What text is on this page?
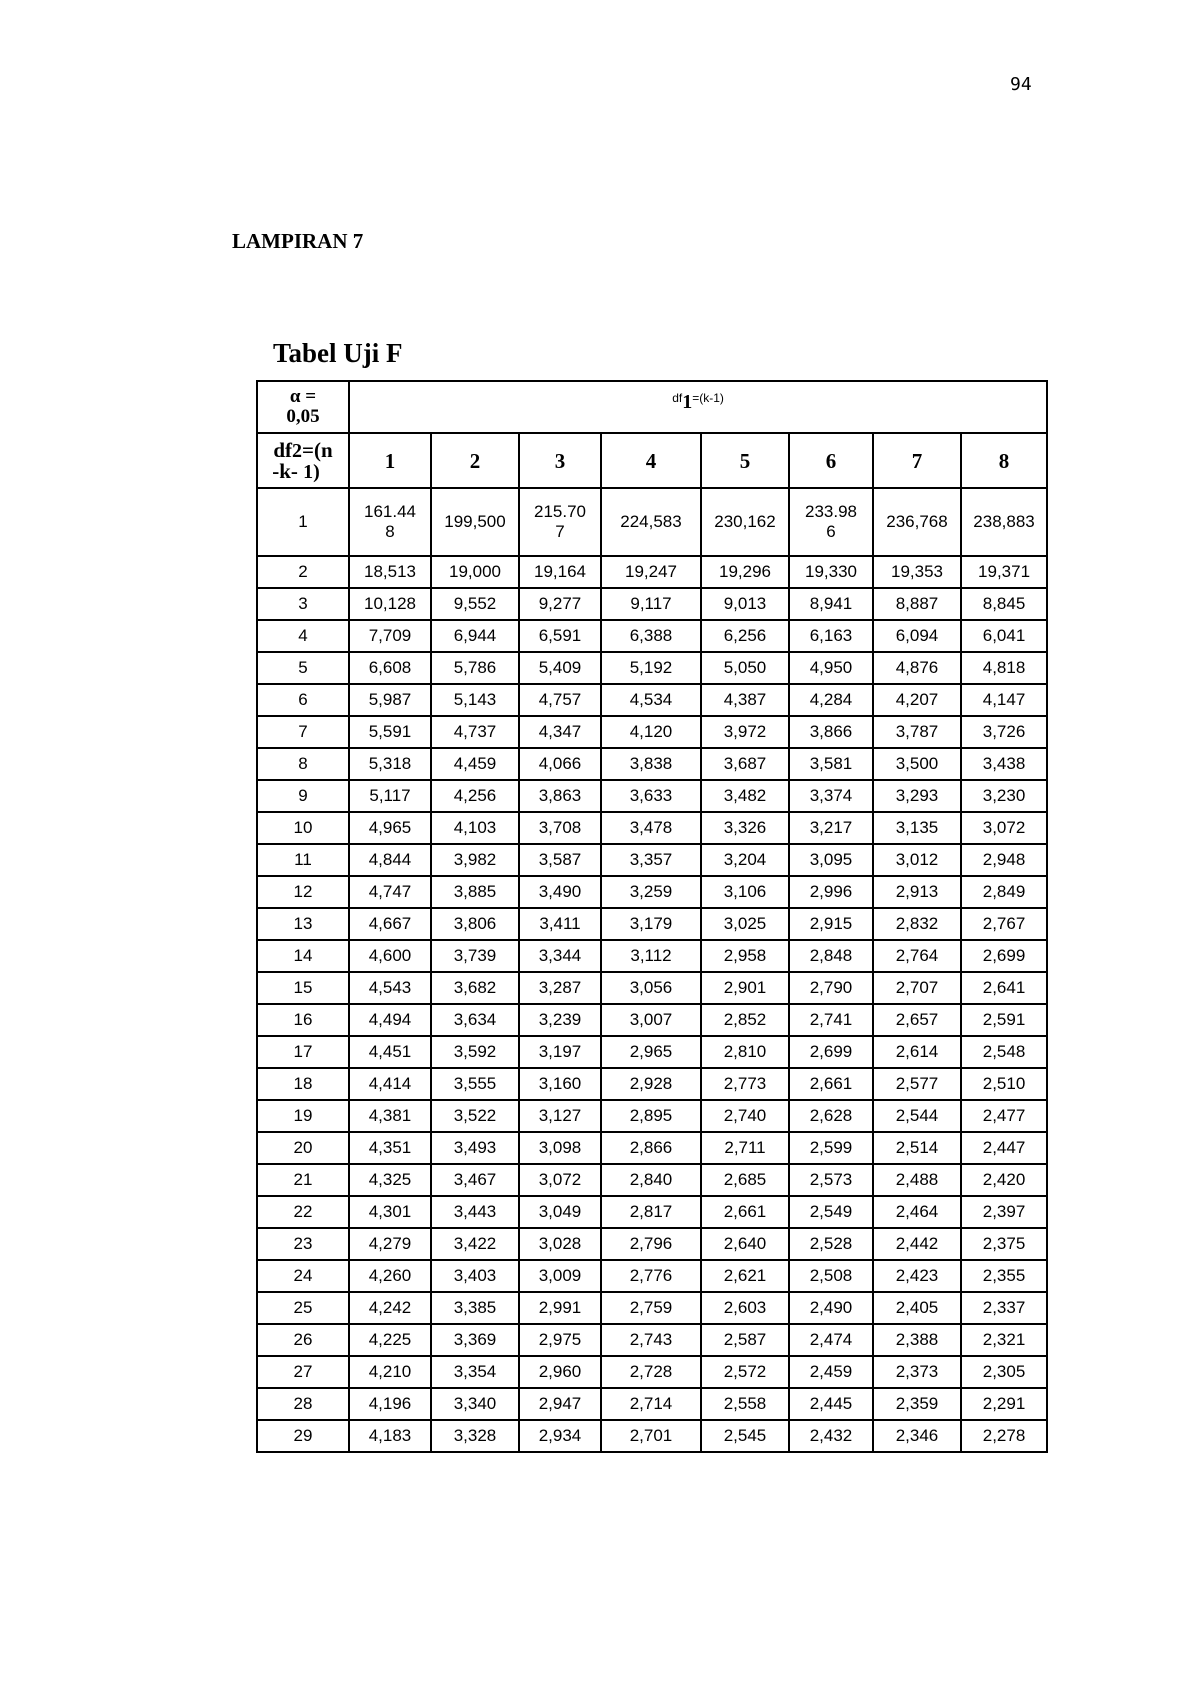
94
LAMPIRAN 7
Tabel Uji F
α =
0,05	$^{df1=(k-1)}$

df2=(n
-k- 1)	1	2	3	4	5	6	7	8
1	161.448	199,500	215.707	224,583	230,162	233.986	236,768	238,883
2	18,513	19,000	19,164	19,247	19,296	19,330	19,353	19,371
3	10,128	9,552	9,277	9,117	9,013	8,941	8,887	8,845
4	7,709	6,944	6,591	6,388	6,256	6,163	6,094	6,041
5	6,608	5,786	5,409	5,192	5,050	4,950	4,876	4,818
6	5,987	5,143	4,757	4,534	4,387	4,284	4,207	4,147
7	5,591	4,737	4,347	4,120	3,972	3,866	3,787	3,726
8	5,318	4,459	4,066	3,838	3,687	3,581	3,500	3,438
9	5,117	4,256	3,863	3,633	3,482	3,374	3,293	3,230
10	4,965	4,103	3,708	3,478	3,326	3,217	3,135	3,072
11	4,844	3,982	3,587	3,357	3,204	3,095	3,012	2,948
12	4,747	3,885	3,490	3,259	3,106	2,996	2,913	2,849
13	4,667	3,806	3,411	3,179	3,025	2,915	2,832	2,767
14	4,600	3,739	3,344	3,112	2,958	2,848	2,764	2,699
15	4,543	3,682	3,287	3,056	2,901	2,790	2,707	2,641
16	4,494	3,634	3,239	3,007	2,852	2,741	2,657	2,591
17	4,451	3,592	3,197	2,965	2,810	2,699	2,614	2,548
18	4,414	3,555	3,160	2,928	2,773	2,661	2,577	2,510
19	4,381	3,522	3,127	2,895	2,740	2,628	2,544	2,477
20	4,351	3,493	3,098	2,866	2,711	2,599	2,514	2,447
21	4,325	3,467	3,072	2,840	2,685	2,573	2,488	2,420
22	4,301	3,443	3,049	2,817	2,661	2,549	2,464	2,397
23	4,279	3,422	3,028	2,796	2,640	2,528	2,442	2,375
24	4,260	3,403	3,009	2,776	2,621	2,508	2,423	2,355
25	4,242	3,385	2,991	2,759	2,603	2,490	2,405	2,337
26	4,225	3,369	2,975	2,743	2,587	2,474	2,388	2,321
27	4,210	3,354	2,960	2,728	2,572	2,459	2,373	2,305
28	4,196	3,340	2,947	2,714	2,558	2,445	2,359	2,291
29	4,183	3,328	2,934	2,701	2,545	2,432	2,346	2,278
